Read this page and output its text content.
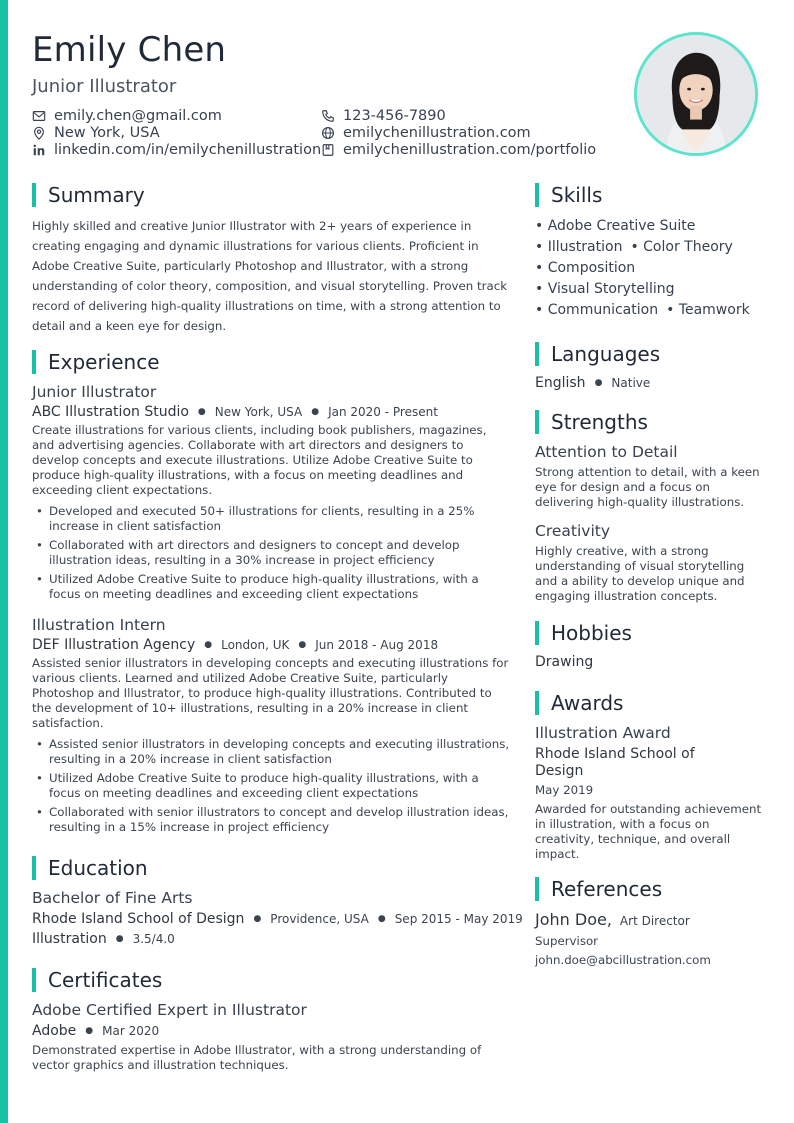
Emily Chen
Junior Illustrator
emily.chen@gmail.com
New York, USA
linkedin.com/in/emilychenillustration
123-456-7890
emilychenillustration.com
emilychenillustration.com/portfolio
Summary

Highly skilled and creative Junior Illustrator with 2+ years of experience in creating engaging and dynamic illustrations for various clients. Proficient in Adobe Creative Suite, particularly Photoshop and Illustrator, with a strong understanding of color theory, composition, and visual storytelling. Proven track record of delivering high-quality illustrations on time, with a strong attention to detail and a keen eye for design.

Experience

Junior Illustrator

ABC Illustration Studio ● New York, USA ● Jan 2020 - Present

Create illustrations for various clients, including book publishers, magazines, and advertising agencies. Collaborate with art directors and designers to develop concepts and execute illustrations. Utilize Adobe Creative Suite to produce high-quality illustrations, with a focus on meeting deadlines and exceeding client expectations.

• Developed and executed 50+ illustrations for clients, resulting in a 25% increase in client satisfaction
• Collaborated with art directors and designers to concept and develop illustration ideas, resulting in a 30% increase in project efficiency
• Utilized Adobe Creative Suite to produce high-quality illustrations, with a focus on meeting deadlines and exceeding client expectations

Illustration Intern

DEF Illustration Agency ● London, UK ● Jun 2018 - Aug 2018

Assisted senior illustrators in developing concepts and executing illustrations for various clients. Learned and utilized Adobe Creative Suite, particularly Photoshop and Illustrator, to produce high-quality illustrations. Contributed to the development of 10+ illustrations, resulting in a 20% increase in client satisfaction.

• Assisted senior illustrators in developing concepts and executing illustrations, resulting in a 20% increase in client satisfaction
• Utilized Adobe Creative Suite to produce high-quality illustrations, with a focus on meeting deadlines and exceeding client expectations
• Collaborated with senior illustrators to concept and develop illustration ideas, resulting in a 15% increase in project efficiency
Education

Bachelor of Fine Arts

Rhode Island School of Design ● Providence, USA ● Sep 2015 - May 2019
Illustration ● 3.5/4.0
Certificates

Adobe Certified Expert in Illustrator

Adobe ● Mar 2020

Demonstrated expertise in Adobe Illustrator, with a strong understanding of vector graphics and illustration techniques.

Skills
• Adobe Creative Suite
• Illustration • Color Theory
• Composition
• Visual Storytelling
• Communication • Teamwork
Languages
English ● Native
Strengths

Attention to Detail

Strong attention to detail, with a keen eye for design and a focus on delivering high-quality illustrations.

Creativity

Highly creative, with a strong understanding of visual storytelling and a ability to develop unique and engaging illustration concepts.

Hobbies
Drawing
Awards

Illustration Award

Rhode Island School of Design

May 2019

Awarded for outstanding achievement in illustration, with a focus on creativity, technique, and overall impact.

References
John Doe, Art Director

Supervisor

john.doe@abcillustration.com
